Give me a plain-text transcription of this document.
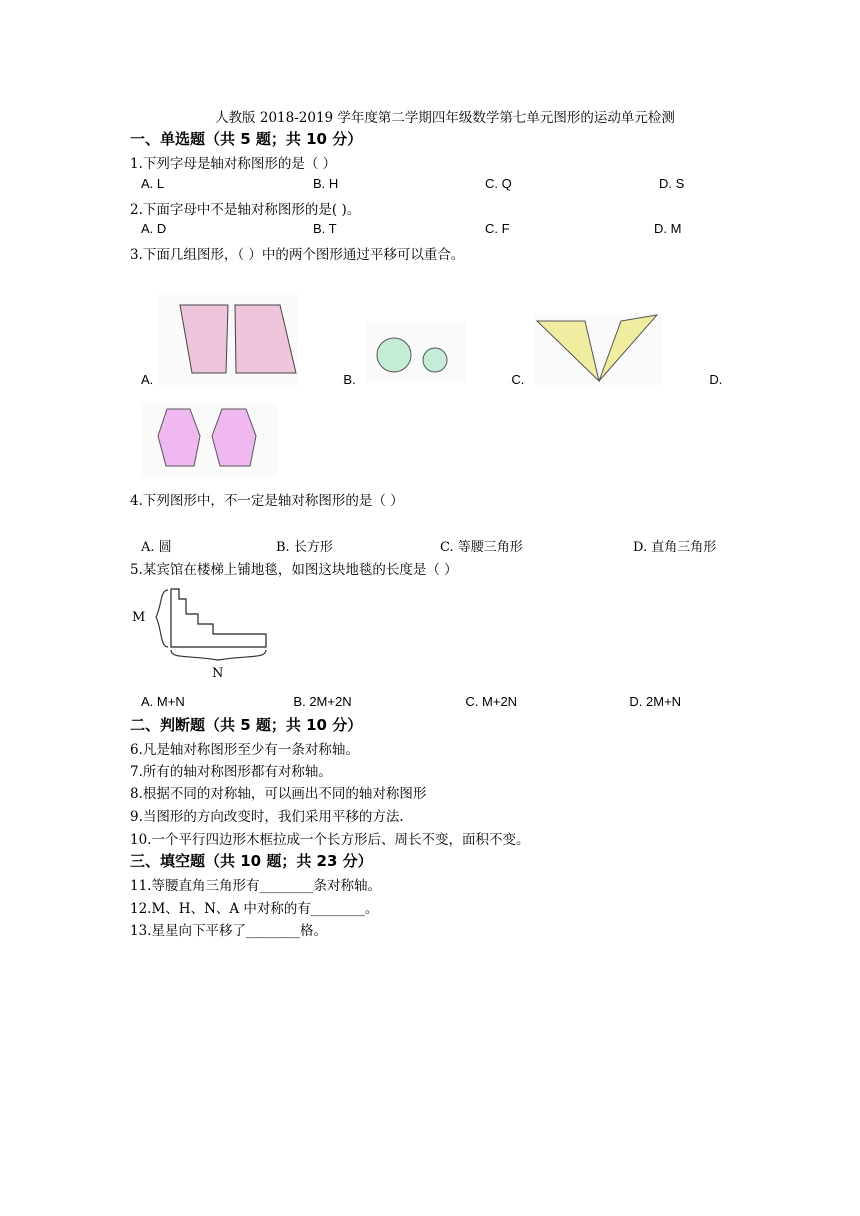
人教版 2018-2019 学年度第二学期四年级数学第七单元图形的运动单元检测
一、单选题（共 5 题；共 10 分）
1.下列字母是轴对称图形的是（ ）
A. L	B. H	C. Q	D. S
2.下面字母中不是轴对称图形的是( )。
A. D	B. T	C. F	D. M
3.下面几组图形，（ ）中的两个图形通过平移可以重合。
A.	▫B.	▫C.	▫D.
4.下列图形中，不一定是轴对称图形的是（ ）
A. 圆	B. 长方形	C. 等腰三角形	D. 直角三角形
5.某宾馆在楼梯上铺地毯，如图这块地毯的长度是（ ）
M
N
A. M+N	▫B. 2M+2N	▫C. M+2N	▫D. 2M+N
二、判断题（共 5 题；共 10 分）
6.凡是轴对称图形至少有一条对称轴。
7.所有的轴对称图形都有对称轴。
8.根据不同的对称轴，可以画出不同的轴对称图形
9.当图形的方向改变时，我们采用平移的方法.
10.一个平行四边形木框拉成一个长方形后、周长不变，面积不变。
三、填空题（共 10 题；共 23 分）
11.等腰直角三角形有________条对称轴。
12.M、H、N、A 中对称的有________。
13.星星向下平移了________格。
